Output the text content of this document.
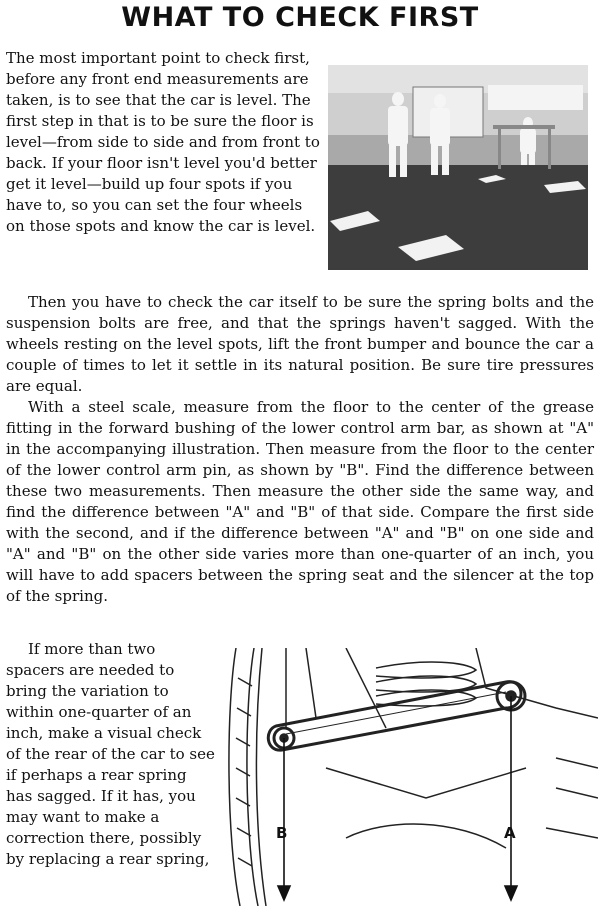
WHAT TO CHECK FIRST

The most important point to check first, before any front end measurements are taken, is to see that the car is level. The first step in that is to be sure the floor is level—from side to side and from front to back. If your floor isn't level you'd better get it level—build up four spots if you have to, so you can set the four wheels on those spots and know the car is level.

Then you have to check the car itself to be sure the spring bolts and the suspension bolts are free, and that the springs haven't sagged. With the wheels resting on the level spots, lift the front bumper and bounce the car a couple of times to let it settle in its natural position. Be sure tire pressures are equal.

With a steel scale, measure from the floor to the center of the grease fitting in the forward bushing of the lower control arm bar, as shown at "A" in the accompanying illustration. Then measure from the floor to the center of the lower control arm pin, as shown by "B". Find the difference between these two measurements. Then measure the other side the same way, and find the difference between "A" and "B" of that side. Compare the first side with the second, and if the difference between "A" and "B" on one side and "A" and "B" on the other side varies more than one-quarter of an inch, you will have to add spacers between the spring seat and the silencer at the top of the spring.

If more than two spacers are needed to bring the variation to within one-quarter of an inch, make a visual check of the rear of the car to see if perhaps a rear spring has sagged. If it has, you may want to make a correction there, possibly by replacing a rear spring,

B	A
